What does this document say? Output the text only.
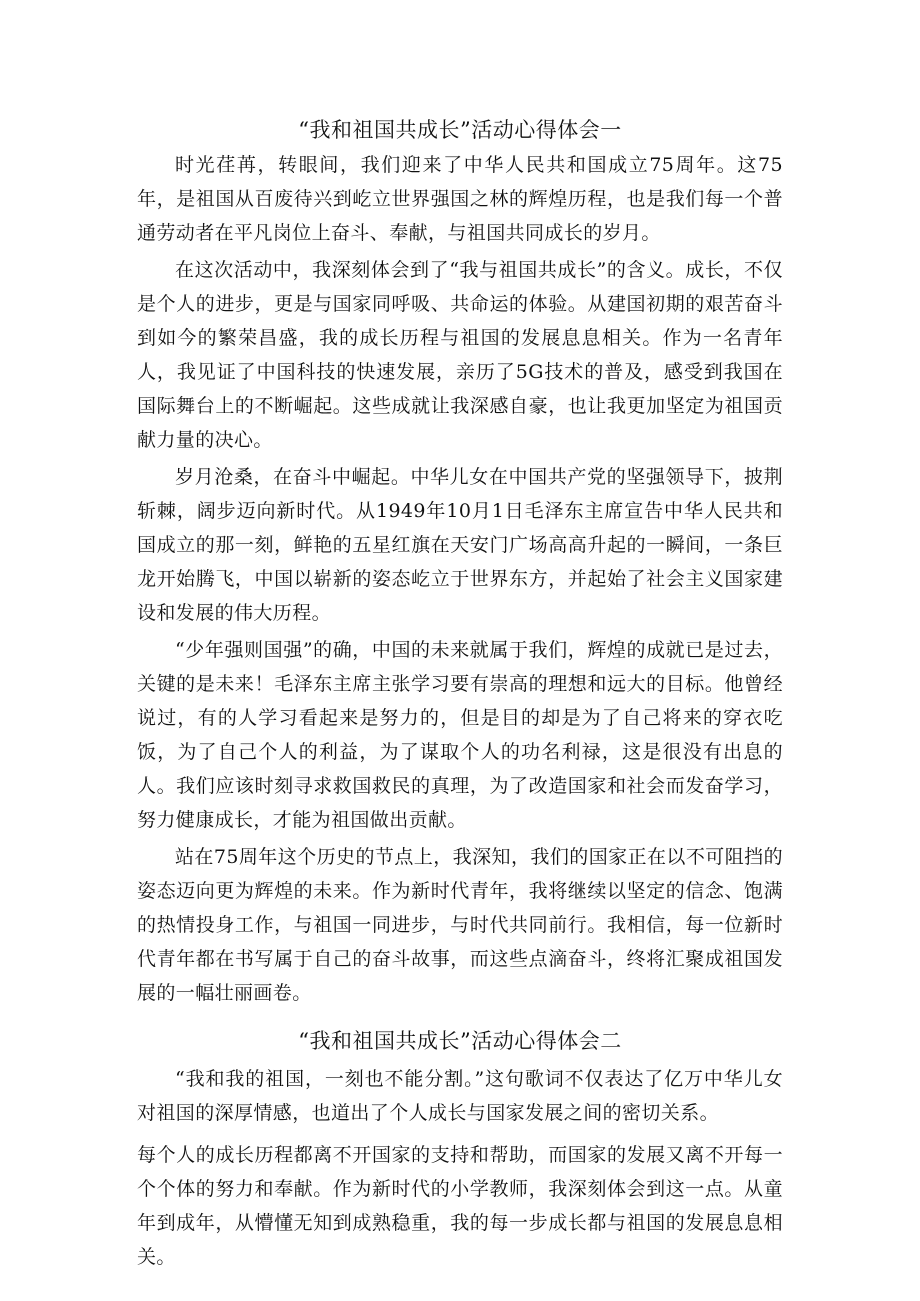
“我和祖国共成长”活动心得体会一

时光荏苒，转眼间，我们迎来了中华人民共和国成立75周年。这75年，是祖国从百废待兴到屹立世界强国之林的辉煌历程，也是我们每一个普通劳动者在平凡岗位上奋斗、奉献，与祖国共同成长的岁月。

在这次活动中，我深刻体会到了“我与祖国共成长”的含义。成长，不仅是个人的进步，更是与国家同呼吸、共命运的体验。从建国初期的艰苦奋斗到如今的繁荣昌盛，我的成长历程与祖国的发展息息相关。作为一名青年人，我见证了中国科技的快速发展，亲历了5G技术的普及，感受到我国在国际舞台上的不断崛起。这些成就让我深感自豪，也让我更加坚定为祖国贡献力量的决心。

岁月沧桑，在奋斗中崛起。中华儿女在中国共产党的坚强领导下，披荆斩棘，阔步迈向新时代。从1949年10月1日毛泽东主席宣告中华人民共和国成立的那一刻，鲜艳的五星红旗在天安门广场高高升起的一瞬间，一条巨龙开始腾飞，中国以崭新的姿态屹立于世界东方，并起始了社会主义国家建设和发展的伟大历程。

“少年强则国强”的确，中国的未来就属于我们，辉煌的成就已是过去，关键的是未来！毛泽东主席主张学习要有崇高的理想和远大的目标。他曾经说过，有的人学习看起来是努力的，但是目的却是为了自己将来的穿衣吃饭，为了自己个人的利益，为了谋取个人的功名利禄，这是很没有出息的人。我们应该时刻寻求救国救民的真理，为了改造国家和社会而发奋学习，努力健康成长，才能为祖国做出贡献。

站在75周年这个历史的节点上，我深知，我们的国家正在以不可阻挡的姿态迈向更为辉煌的未来。作为新时代青年，我将继续以坚定的信念、饱满的热情投身工作，与祖国一同进步，与时代共同前行。我相信，每一位新时代青年都在书写属于自己的奋斗故事，而这些点滴奋斗，终将汇聚成祖国发展的一幅壮丽画卷。

“我和祖国共成长”活动心得体会二

“我和我的祖国，一刻也不能分割。”这句歌词不仅表达了亿万中华儿女对祖国的深厚情感，也道出了个人成长与国家发展之间的密切关系。

每个人的成长历程都离不开国家的支持和帮助，而国家的发展又离不开每一个个体的努力和奉献。作为新时代的小学教师，我深刻体会到这一点。从童年到成年，从懵懂无知到成熟稳重，我的每一步成长都与祖国的发展息息相关。
